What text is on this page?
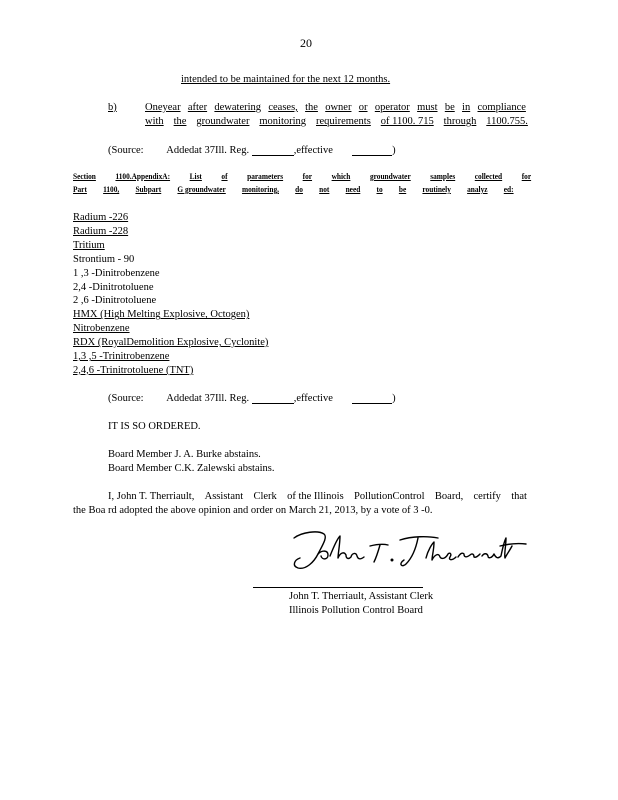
20
intended to be maintained for the next 12 months.
b)	Oneyear after dewatering ceases, the owner or operator must be in compliance
with the groundwater monitoring requirements of 1100. 715 through 1100.755.
(Source: Addedat 37Ill. Reg.	,effective	)
Section 1100.AppendixA: List of parameters for which groundwater samples collected for
Part 1100, Subpart G groundwater monitoring, do not need to be routinely analyz ed:
Radium -226
Radium -228
Tritium
Strontium - 90
1 ,3 -Dinitrobenzene
2,4 -Dinitrotoluene
2 ,6 -Dinitrotoluene
HMX (High Melting Explosive, Octogen)
Nitrobenzene
RDX (RoyalDemolition Explosive, Cyclonite)
1,3 ,5 -Trinitrobenzene
2,4,6 -Trinitrotoluene (TNT)
(Source: Addedat 37Ill. Reg.	,effective	)
IT IS SO ORDERED.
Board Member J. A. Burke abstains.
Board Member C.K. Zalewski abstains.
I, John T. Therriault, Assistant Clerk of the Illinois PollutionControl Board, certify that
the Boa rd adopted the above opinion and order on March 21, 2013, by a vote of 3 -0.
John T. Therriault, Assistant Clerk
Illinois Pollution Control Board
